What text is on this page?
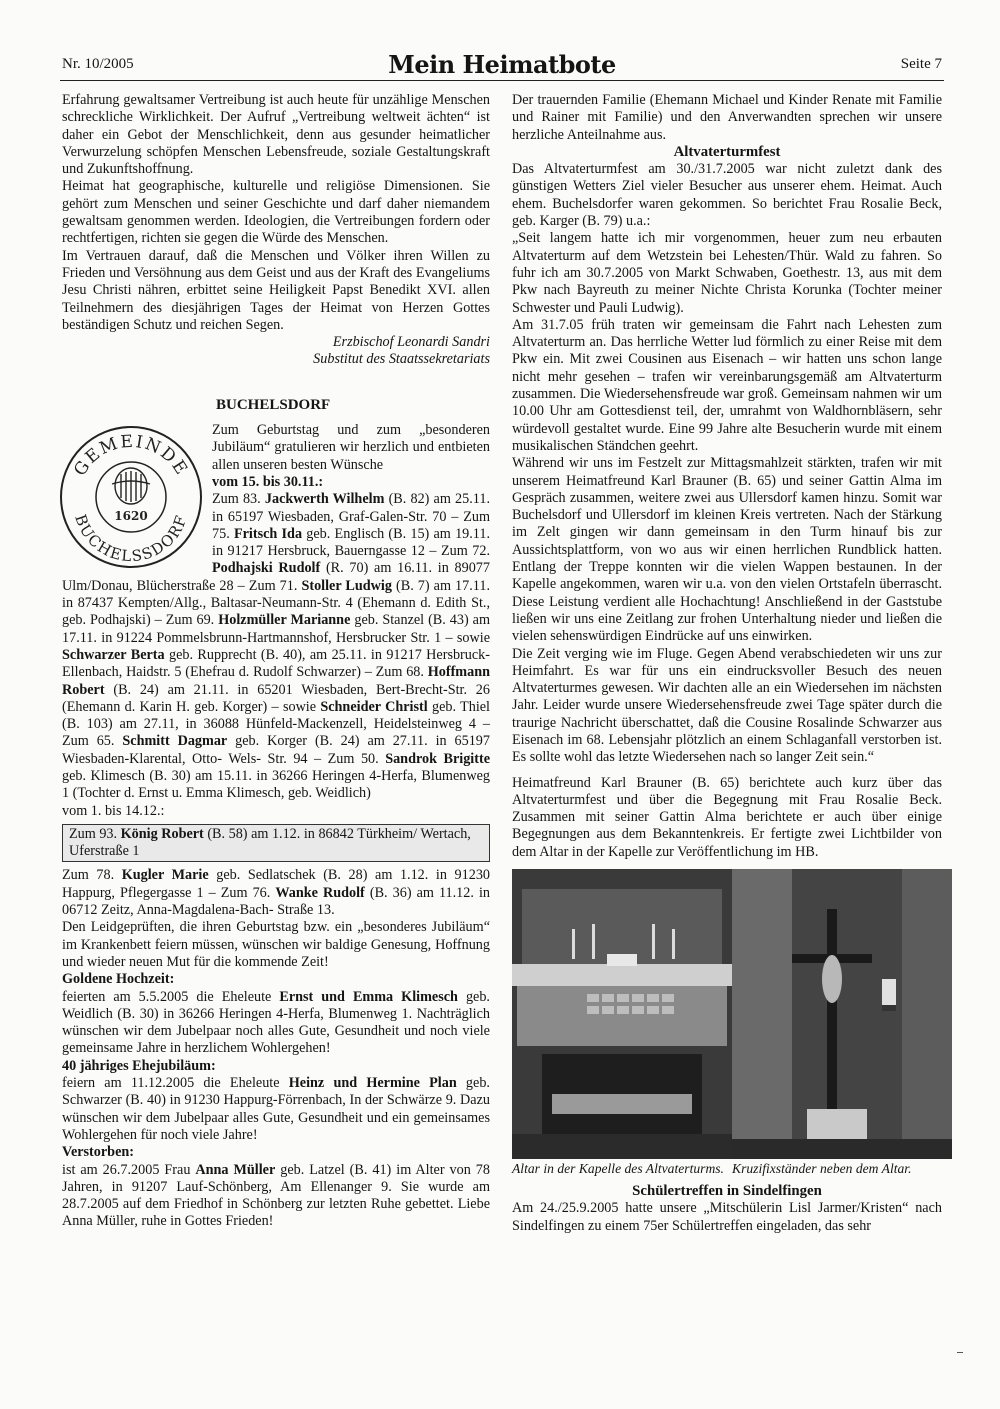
Nr. 10/2005	Mein Heimatbote	Seite 7

Erfahrung gewaltsamer Vertreibung ist auch heute für unzählige Menschen schreckliche Wirklichkeit. Der Aufruf „Vertreibung weltweit ächten“ ist daher ein Gebot der Menschlichkeit, denn aus gesunder heimatlicher Verwurzelung schöpfen Menschen Lebensfreude, soziale Gestaltungskraft und Zukunftshoffnung.

Heimat hat geographische, kulturelle und religiöse Dimensionen. Sie gehört zum Menschen und seiner Geschichte und darf daher niemandem gewaltsam genommen werden. Ideologien, die Vertreibungen fordern oder rechtfertigen, richten sie gegen die Würde des Menschen.

Im Vertrauen darauf, daß die Menschen und Völker ihren Willen zu Frieden und Versöhnung aus dem Geist und aus der Kraft des Evangeliums Jesu Christi nähren, erbittet seine Heiligkeit Papst Benedikt XVI. allen Teilnehmern des diesjährigen Tages der Heimat von Herzen Gottes beständigen Schutz und reichen Segen.

Erzbischof Leonardi Sandri

Substitut des Staatssekretariats

BUCHELSDORF
GEMEINDE
BUCHELSSDORF
1620

Zum Geburtstag und zum „besonderen Jubiläum“ gratulieren wir herzlich und entbieten allen unseren besten Wünsche

vom 15. bis 30.11.:

Zum 83. Jackwerth Wilhelm (B. 82) am 25.11. in 65197 Wiesbaden, Graf-Galen-Str. 70 – Zum 75. Fritsch Ida geb. Englisch (B. 15) am 19.11. in 91217 Hersbruck, Bauerngasse 12 – Zum 72. Podhajski Rudolf (R. 70) am 16.11. in 89077 Ulm/Donau, Blücherstraße 28 – Zum 71. Stoller Ludwig (B. 7) am 17.11. in 87437 Kempten/Allg., Baltasar-Neumann-Str. 4 (Ehemann d. Edith St., geb. Podhajski) – Zum 69. Holzmüller Marianne geb. Stanzel (B. 43) am 17.11. in 91224 Pommelsbrunn-Hartmannshof, Hersbrucker Str. 1 – sowie Schwarzer Berta geb. Rupprecht (B. 40), am 25.11. in 91217 Hersbruck-Ellenbach, Haidstr. 5 (Ehefrau d. Rudolf Schwarzer) – Zum 68. Hoffmann Robert (B. 24) am 21.11. in 65201 Wiesbaden, Bert-Brecht-Str. 26 (Ehemann d. Karin H. geb. Korger) – sowie Schneider Christl geb. Thiel (B. 103) am 27.11, in 36088 Hünfeld-Mackenzell, Heidelsteinweg 4 – Zum 65. Schmitt Dagmar geb. Korger (B. 24) am 27.11. in 65197 Wiesbaden-Klarental, Otto- Wels- Str. 94 – Zum 50. Sandrok Brigitte geb. Klimesch (B. 30) am 15.11. in 36266 Heringen 4-Herfa, Blumenweg 1 (Tochter d. Ernst u. Emma Klimesch, geb. Weidlich)

vom 1. bis 14.12.:

Zum 93. König Robert (B. 58) am 1.12. in 86842 Türkheim/ Wertach, Uferstraße 1

Zum 78. Kugler Marie geb. Sedlatschek (B. 28) am 1.12. in 91230 Happurg, Pflegergasse 1 – Zum 76. Wanke Rudolf (B. 36) am 11.12. in 06712 Zeitz, Anna-Magdalena-Bach- Straße 13.

Den Leidgeprüften, die ihren Geburtstag bzw. ein „besonderes Jubiläum“ im Krankenbett feiern müssen, wünschen wir baldige Genesung, Hoffnung und wieder neuen Mut für die kommende Zeit!

Goldene Hochzeit:

feierten am 5.5.2005 die Eheleute Ernst und Emma Klimesch geb. Weidlich (B. 30) in 36266 Heringen 4-Herfa, Blumenweg 1. Nachträglich wünschen wir dem Jubelpaar noch alles Gute, Gesundheit und noch viele gemeinsame Jahre in herzlichem Wohlergehen!

40 jähriges Ehejubiläum:

feiern am 11.12.2005 die Eheleute Heinz und Hermine Plan geb. Schwarzer (B. 40) in 91230 Happurg-Förrenbach, In der Schwärze 9. Dazu wünschen wir dem Jubelpaar alles Gute, Gesundheit und ein gemeinsames Wohlergehen für noch viele Jahre!

Verstorben:

ist am 26.7.2005 Frau Anna Müller geb. Latzel (B. 41) im Alter von 78 Jahren, in 91207 Lauf-Schönberg, Am Ellenanger 9. Sie wurde am 28.7.2005 auf dem Friedhof in Schönberg zur letzten Ruhe gebettet. Liebe Anna Müller, ruhe in Gottes Frieden!

Der trauernden Familie (Ehemann Michael und Kinder Renate mit Familie und Rainer mit Familie) und den Anverwandten sprechen wir unsere herzliche Anteilnahme aus.

Altvaterturmfest

Das Altvaterturmfest am 30./31.7.2005 war nicht zuletzt dank des günstigen Wetters Ziel vieler Besucher aus unserer ehem. Heimat. Auch ehem. Buchelsdorfer waren gekommen. So berichtet Frau Rosalie Beck, geb. Karger (B. 79) u.a.:

„Seit langem hatte ich mir vorgenommen, heuer zum neu erbauten Altvaterturm auf dem Wetzstein bei Lehesten/Thür. Wald zu fahren. So fuhr ich am 30.7.2005 von Markt Schwaben, Goethestr. 13, aus mit dem Pkw nach Bayreuth zu meiner Nichte Christa Korunka (Tochter meiner Schwester und Pauli Ludwig).

Am 31.7.05 früh traten wir gemeinsam die Fahrt nach Lehesten zum Altvaterturm an. Das herrliche Wetter lud förmlich zu einer Reise mit dem Pkw ein. Mit zwei Cousinen aus Eisenach – wir hatten uns schon lange nicht mehr gesehen – trafen wir vereinbarungsgemäß am Altvaterturm zusammen. Die Wiedersehensfreude war groß. Gemeinsam nahmen wir um 10.00 Uhr am Gottesdienst teil, der, umrahmt von Waldhornbläsern, sehr würdevoll gestaltet wurde. Eine 99 Jahre alte Besucherin wurde mit einem musikalischen Ständchen geehrt.

Während wir uns im Festzelt zur Mittagsmahlzeit stärkten, trafen wir mit unserem Heimatfreund Karl Brauner (B. 65) und seiner Gattin Alma im Gespräch zusammen, weitere zwei aus Ullersdorf kamen hinzu. Somit war Buchelsdorf und Ullersdorf im kleinen Kreis vertreten. Nach der Stärkung im Zelt gingen wir dann gemeinsam in den Turm hinauf bis zur Aussichtsplattform, von wo aus wir einen herrlichen Rundblick hatten. Entlang der Treppe konnten wir die vielen Wappen bestaunen. In der Kapelle angekommen, waren wir u.a. von den vielen Ortstafeln überrascht. Diese Leistung verdient alle Hochachtung! Anschließend in der Gaststube ließen wir uns eine Zeitlang zur frohen Unterhaltung nieder und ließen die vielen sehenswürdigen Eindrücke auf uns einwirken.

Die Zeit verging wie im Fluge. Gegen Abend verabschiedeten wir uns zur Heimfahrt. Es war für uns ein eindrucksvoller Besuch des neuen Altvaterturmes gewesen. Wir dachten alle an ein Wiedersehen im nächsten Jahr. Leider wurde unsere Wiedersehensfreude zwei Tage später durch die traurige Nachricht überschattet, daß die Cousine Rosalinde Schwarzer aus Eisenach im 68. Lebensjahr plötzlich an einem Schlaganfall verstorben ist. Es sollte wohl das letzte Wiedersehen nach so langer Zeit sein.“

Heimatfreund Karl Brauner (B. 65) berichtete auch kurz über das Altvaterturmfest und über die Begegnung mit Frau Rosalie Beck. Zusammen mit seiner Gattin Alma berichtete er auch über einige Begegnungen aus dem Bekanntenkreis. Er fertigte zwei Lichtbilder von dem Altar in der Kapelle zur Veröffentlichung im HB.

Altar in der Kapelle des Altvaterturms. Kruzifixständer neben dem Altar.

Schülertreffen in Sindelfingen

Am 24./25.9.2005 hatte unsere „Mitschülerin Lisl Jarmer/Kristen“ nach Sindelfingen zu einem 75er Schülertreffen eingeladen, das sehr
